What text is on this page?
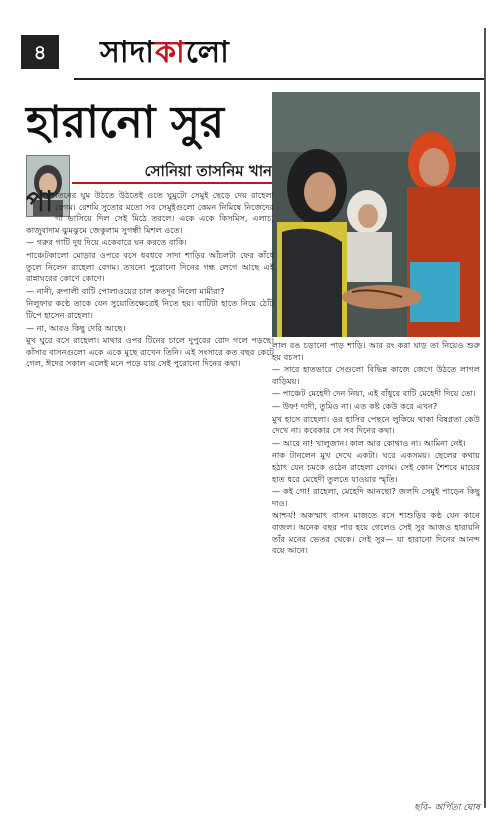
৪	সাদাকালো
হারানো সুর
সোনিয়া তাসনিম খান
পা তিনের ঘুম উঠতে উঠতেই ওতে ঘুমুটো সেমুই ছেড়ে দেয় রাহেলা বেগম। রেশমি সুতোর মতো সব সেমুইগুলো কেমন নিমিষে নিজেদের গা ভাসিয়ে দিল সেই মিঠে তরলে। একে একে কিসমিস, এলাচ, কাজুবাদাম ঝুমঝুমে জেকুলাম সুগন্ধী মিশল ওতে।
— গরুর গাটি দুধ দিয়ে একেবারে ঘন করতে বাকি।
পাঞ্চেটকালো মোড়ার ওপরে বসে ধবধবে সাদা শাড়ির আঁচলটা ফের কাঁধে তুলে নিলেন রাহেলা বেগম। তখনো পুরোনো দিনের গন্ধ লেগে আছে এই রান্নাঘরের কোণে কোণে।
— নানী, রুপালী বাটি পোলাওয়ের চাল কতদূর নিলো মামীরা?
নিলুফার কণ্ঠে তাকে যেন সুয়োতিক্ষেত্রেই নিতে হয়। বাটিটা হাতে নিয়ে ঠোঁট টিপে হাসেন রাহেলা।
— না, আরও কিছু দেরি আছে।
মুখ ঘুরে বসে রাহেলা। মাথার ওপর টিনের চালে দুপুরের রোদ গলে পড়ছে। কাঁসার বাসনগুলো একে একে মুছে রাখেন তিনি। এই সংসারে কত বছর কেটে গেল, ঈদের সকাল এলেই মনে পড়ে যায় সেই পুরোনো দিনের কথা।
লাল রঙ চড়ানো পাড় শাড়ি। আর রং করা ঘাড় তা নিয়েও শুরু হয় বচসা।
— সারে হাতভারে সেগুলো বিভিন্ন কাজে জেগে উঠতে লাগল বাড়িময়।
— পাঞ্চেট মেহেদী দেন নিয়া, এই বাঁধুরে বাটি মেহেদী দিয়ে তো।
— উফ! দাদী, তুমিও না। এত কষ্ট কেউ করে এখন?
মুখ হাসে রাহেলা। ওর হাসির পেছনে লুকিয়ে থাকা বিষণ্ণতা কেউ দেখে না। কবেকার সে সব দিনের কথা।
— আরে না! খালুজান। কাল আর কোথাও না। আমিনা নেই।
নাক টানলেন মুখ দেখে একটা। ঘরে একসময়। ছেলের কথায় হঠাৎ যেন চমকে ওঠেন রাহেলা বেগম। সেই কোন শৈশবে মায়ের হাত ধরে মেহেদী তুলতে যাওয়ার স্মৃতি।
— কই গো! রাহেলা, মেহেদি আনছো? জলদি সেমুই পাড়েন কিছু দাও।
আশ্চর্য! অকস্মাৎ বাসন মাজতে বসে শাশুড়ির কণ্ঠ যেন কানে বাজল। অনেক বছর পার হয়ে গেলেও সেই সুর আজও হারায়নি তাঁর মনের ভেতর থেকে। সেই সুর— যা হারানো দিনের আনন্দ বয়ে আনে।
ছবি– অর্পিতা ঘোষ
